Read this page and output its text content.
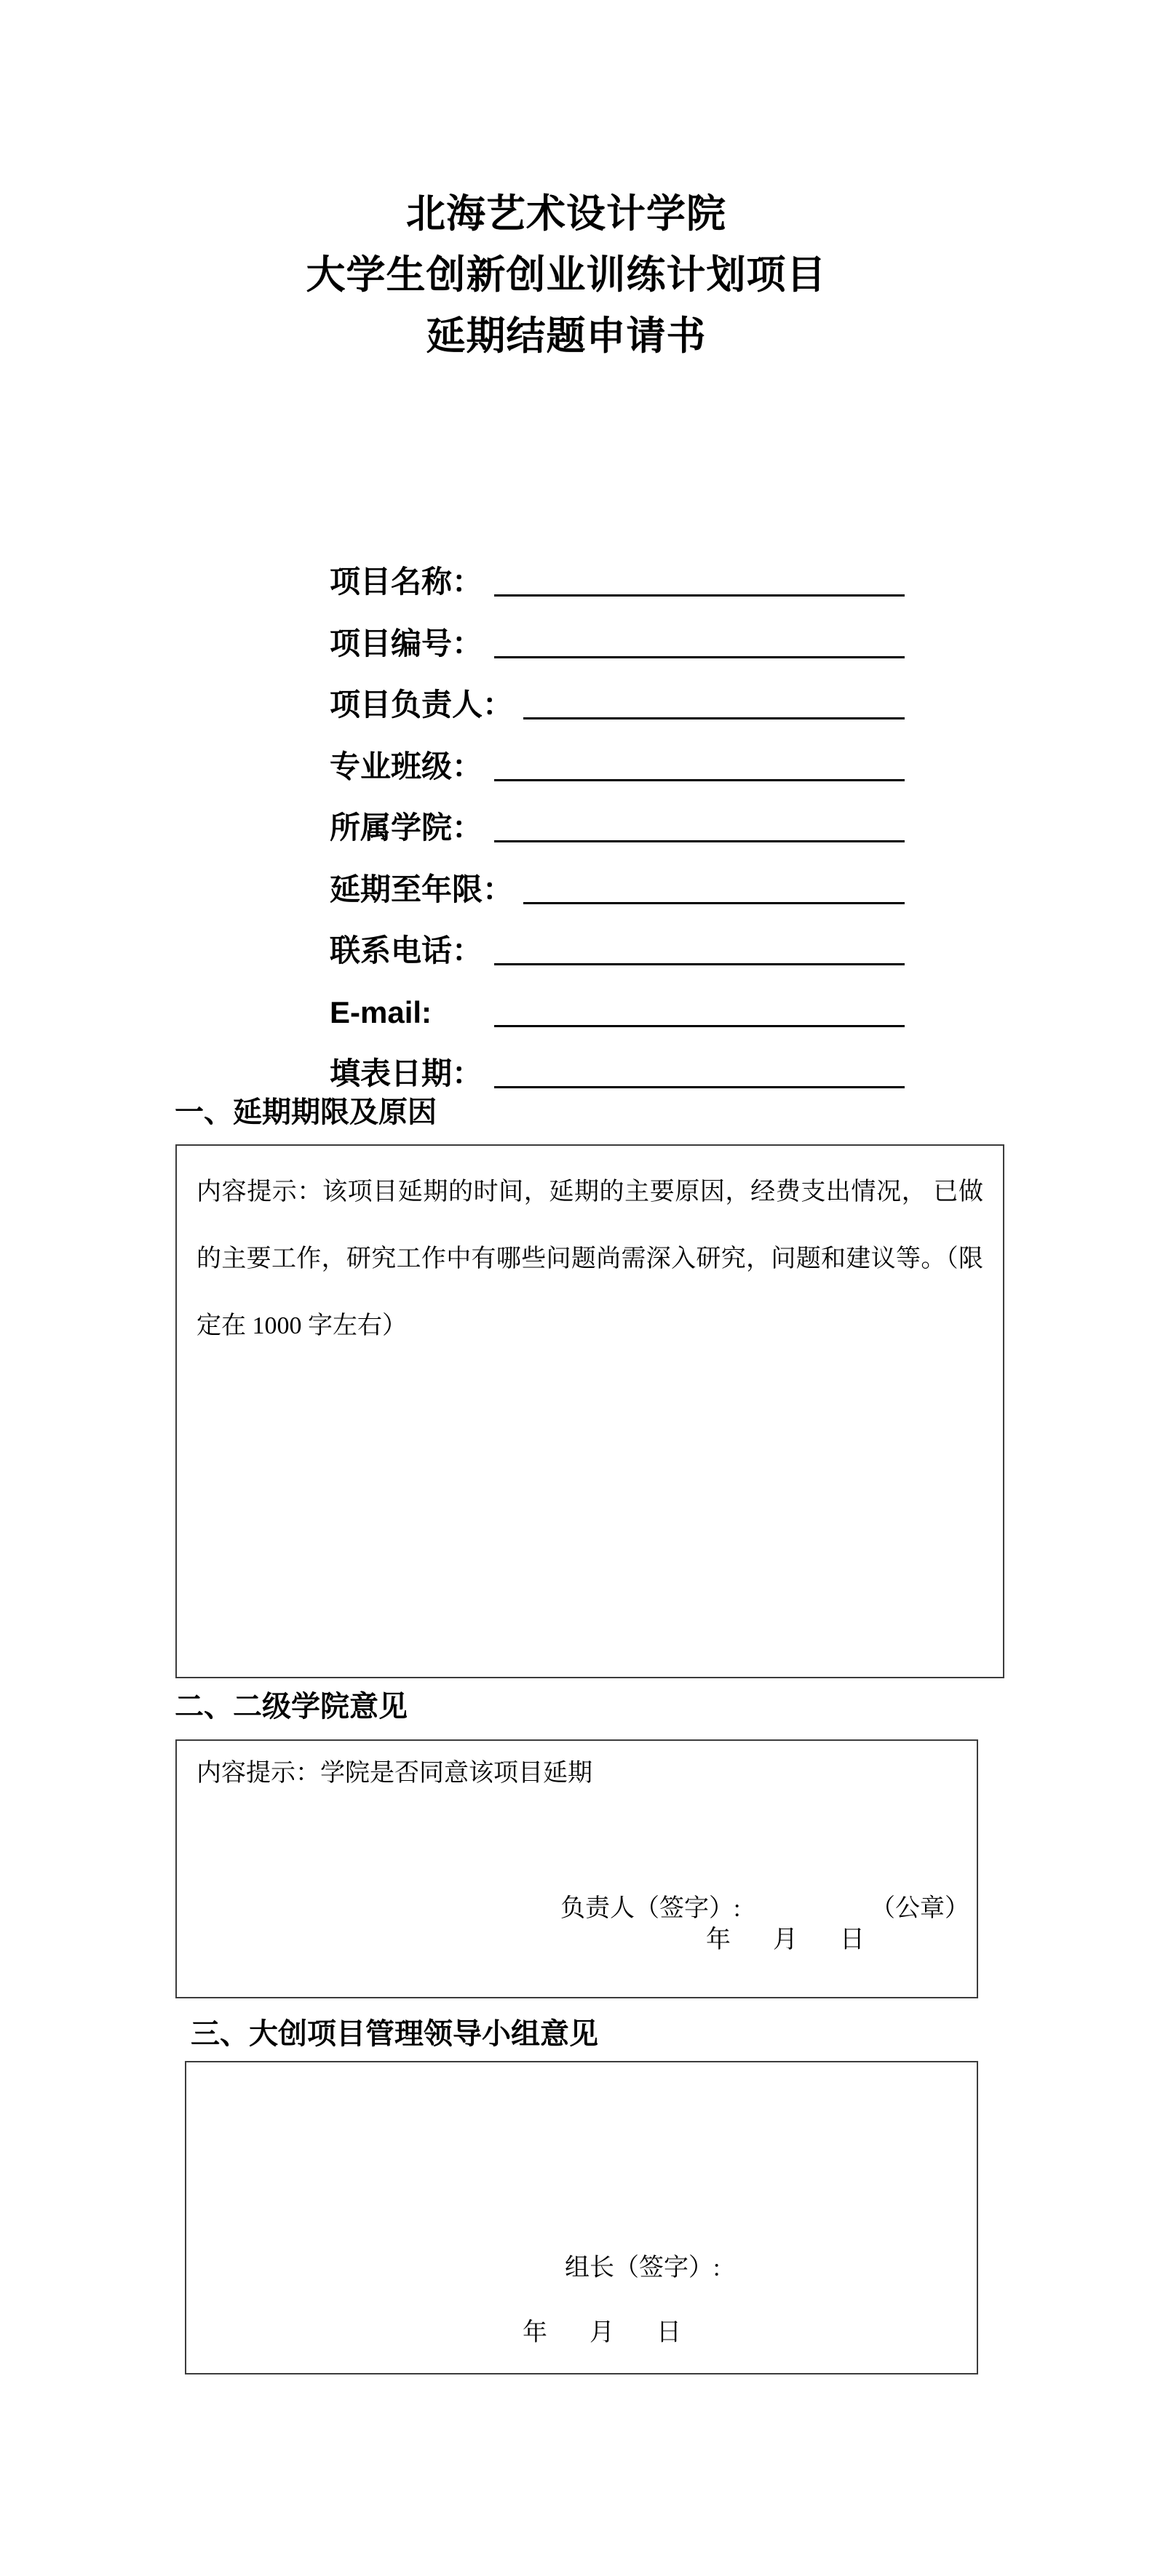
北海艺术设计学院
大学生创新创业训练计划项目
延期结题申请书
项目名称：
项目编号：
项目负责人：
专业班级：
所属学院：
延期至年限：
联系电话：
E-mail:
填表日期：
一、延期期限及原因
内容提示：该项目延期的时间，延期的主要原因，经费支出情况， 已做的主要工作，研究工作中有哪些问题尚需深入研究，问题和建议等。（限定在 1000 字左右）
二、二级学院意见
内容提示：学院是否同意该项目延期
负责人（签字）:	（公章）
年 月 日
三、大创项目管理领导小组意见
组长（签字）:
年 月 日
